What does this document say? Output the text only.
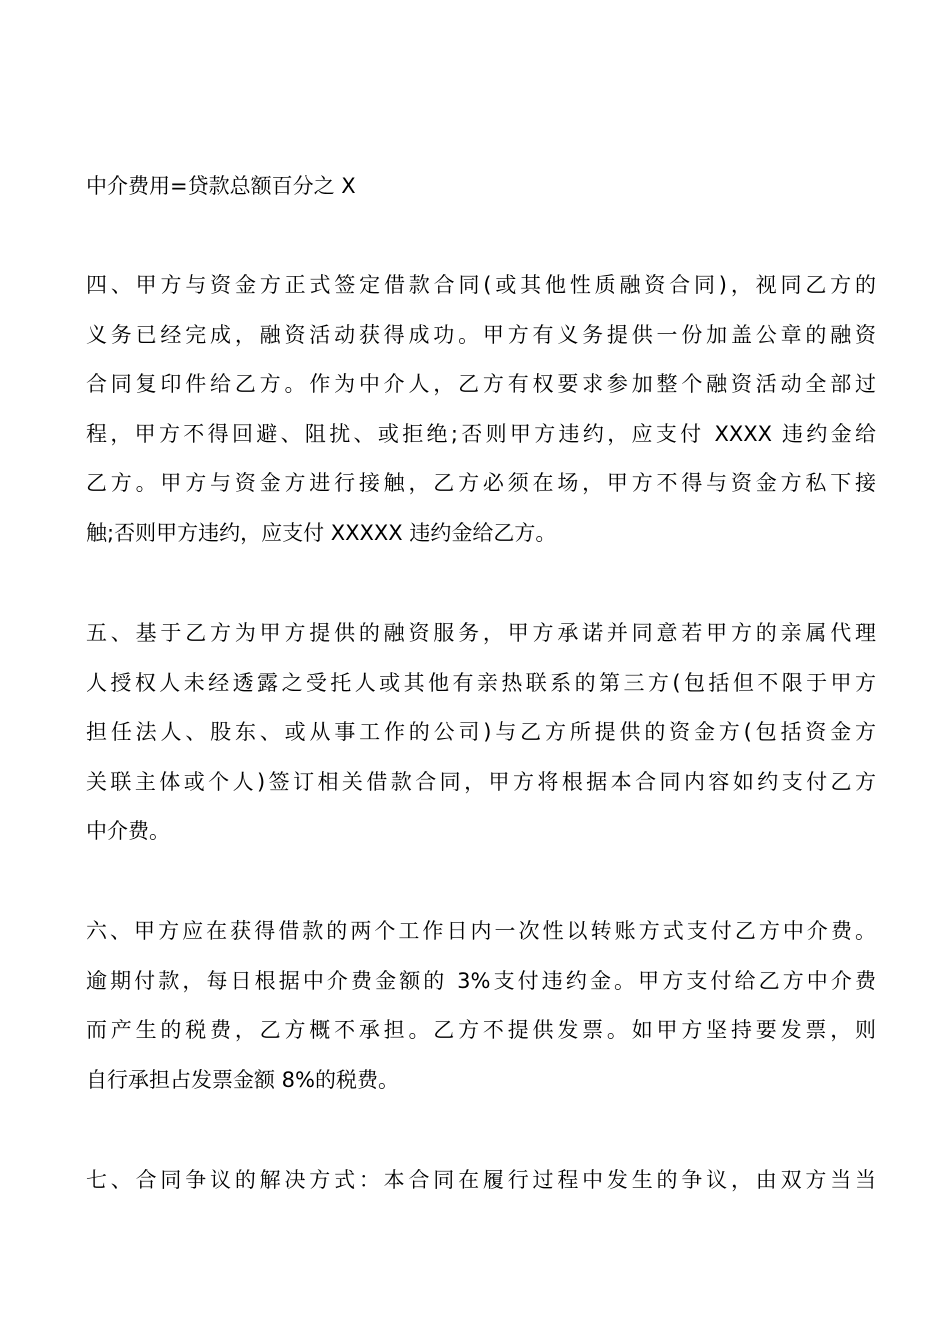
中介费用=贷款总额百分之 X
四、甲方与资金方正式签定借款合同(或其他性质融资合同)，视同乙方的
义务已经完成，融资活动获得成功。甲方有义务提供一份加盖公章的融资
合同复印件给乙方。作为中介人，乙方有权要求参加整个融资活动全部过
程，甲方不得回避、阻扰、或拒绝;否则甲方违约，应支付 XXXX 违约金给
乙方。甲方与资金方进行接触，乙方必须在场，甲方不得与资金方私下接
触;否则甲方违约，应支付 XXXXX 违约金给乙方。
五、基于乙方为甲方提供的融资服务，甲方承诺并同意若甲方的亲属代理
人授权人未经透露之受托人或其他有亲热联系的第三方(包括但不限于甲方
担任法人、股东、或从事工作的公司)与乙方所提供的资金方(包括资金方
关联主体或个人)签订相关借款合同，甲方将根据本合同内容如约支付乙方
中介费。
六、甲方应在获得借款的两个工作日内一次性以转账方式支付乙方中介费。
逾期付款，每日根据中介费金额的 3%支付违约金。甲方支付给乙方中介费
而产生的税费，乙方概不承担。乙方不提供发票。如甲方坚持要发票，则
自行承担占发票金额 8%的税费。
七、合同争议的解决方式：本合同在履行过程中发生的争议，由双方当当
